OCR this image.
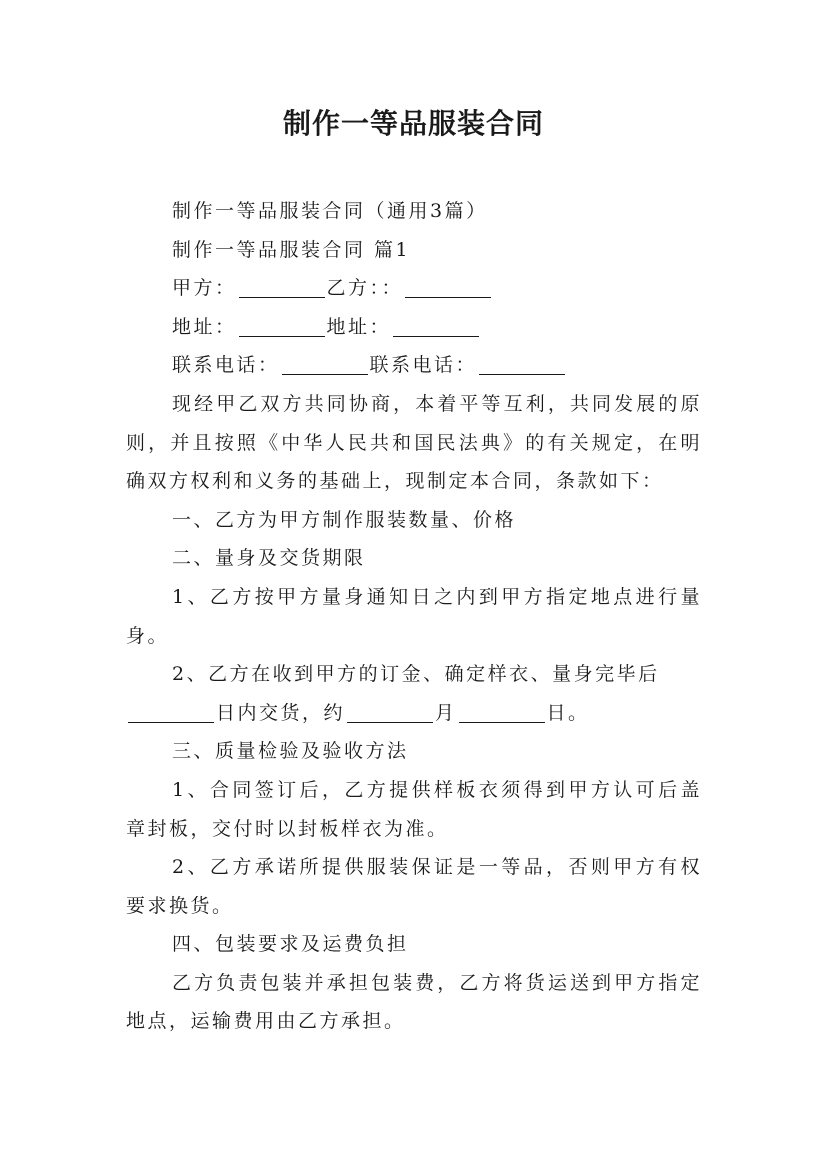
制作一等品服装合同

制作一等品服装合同（通用3篇）

制作一等品服装合同 篇1

甲方：	乙方：：

地址：	地址：

联系电话：	联系电话：

现经甲乙双方共同协商，本着平等互利，共同发展的原则，并且按照《中华人民共和国民法典》的有关规定，在明确双方权利和义务的基础上，现制定本合同，条款如下：

一、乙方为甲方制作服装数量、价格

二、量身及交货期限

1、乙方按甲方量身通知日之内到甲方指定地点进行量身。

2、乙方在收到甲方的订金、确定样衣、量身完毕后日内交货，约	月	日。

三、质量检验及验收方法

1、合同签订后，乙方提供样板衣须得到甲方认可后盖章封板，交付时以封板样衣为准。

2、乙方承诺所提供服装保证是一等品，否则甲方有权要求换货。

四、包装要求及运费负担

乙方负责包装并承担包装费，乙方将货运送到甲方指定地点，运输费用由乙方承担。
